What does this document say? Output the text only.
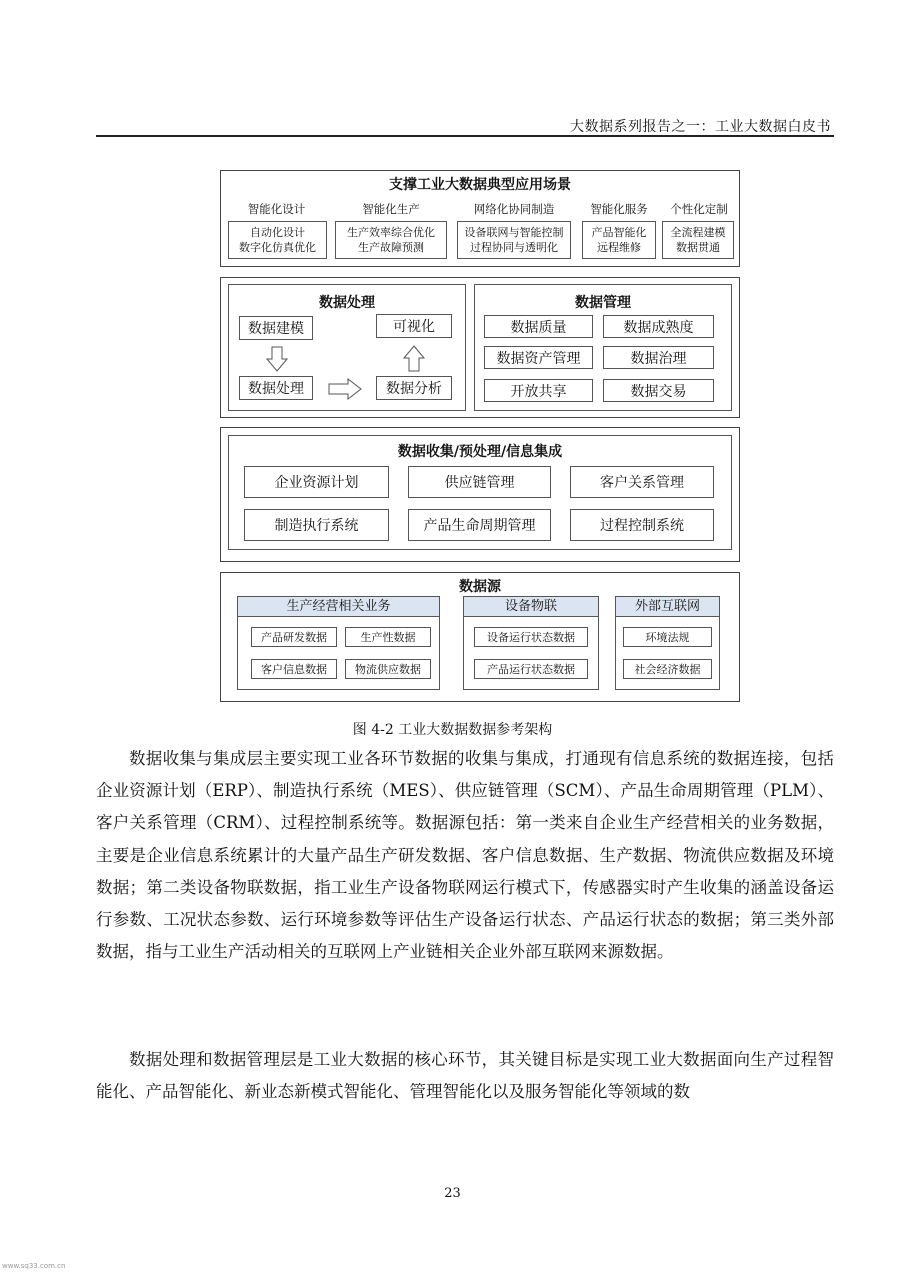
大数据系列报告之一：工业大数据白皮书
支撑工业大数据典型应用场景
智能化设计
自动化设计
数字化仿真优化
智能化生产
生产效率综合优化
生产故障预测
网络化协同制造
设备联网与智能控制
过程协同与透明化
智能化服务
产品智能化
远程维修
个性化定制
全流程建模
数据贯通
数据处理
数据建模	可视化
数据处理	数据分析
数据管理
数据质量	数据成熟度
数据资产管理	数据治理
开放共享	数据交易
数据收集/预处理/信息集成
企业资源计划	供应链管理	客户关系管理
制造执行系统	产品生命周期管理	过程控制系统
数据源
生产经营相关业务
产品研发数据	生产性数据
客户信息数据	物流供应数据
设备物联
设备运行状态数据
产品运行状态数据
外部互联网
环境法规
社会经济数据
图 4-2 工业大数据数据参考架构

数据收集与集成层主要实现工业各环节数据的收集与集成，打通现有信息系统的数据连接，包括企业资源计划（ERP）、制造执行系统（MES）、供应链管理（SCM）、产品生命周期管理（PLM）、客户关系管理（CRM）、过程控制系统等。数据源包括：第一类来自企业生产经营相关的业务数据，主要是企业信息系统累计的大量产品生产研发数据、客户信息数据、生产数据、物流供应数据及环境数据；第二类设备物联数据，指工业生产设备物联网运行模式下，传感器实时产生收集的涵盖设备运行参数、工况状态参数、运行环境参数等评估生产设备运行状态、产品运行状态的数据；第三类外部数据，指与工业生产活动相关的互联网上产业链相关企业外部互联网来源数据。

数据处理和数据管理层是工业大数据的核心环节，其关键目标是实现工业大数据面向生产过程智能化、产品智能化、新业态新模式智能化、管理智能化以及服务智能化等领域的数

23
www.sq33.com.cn
